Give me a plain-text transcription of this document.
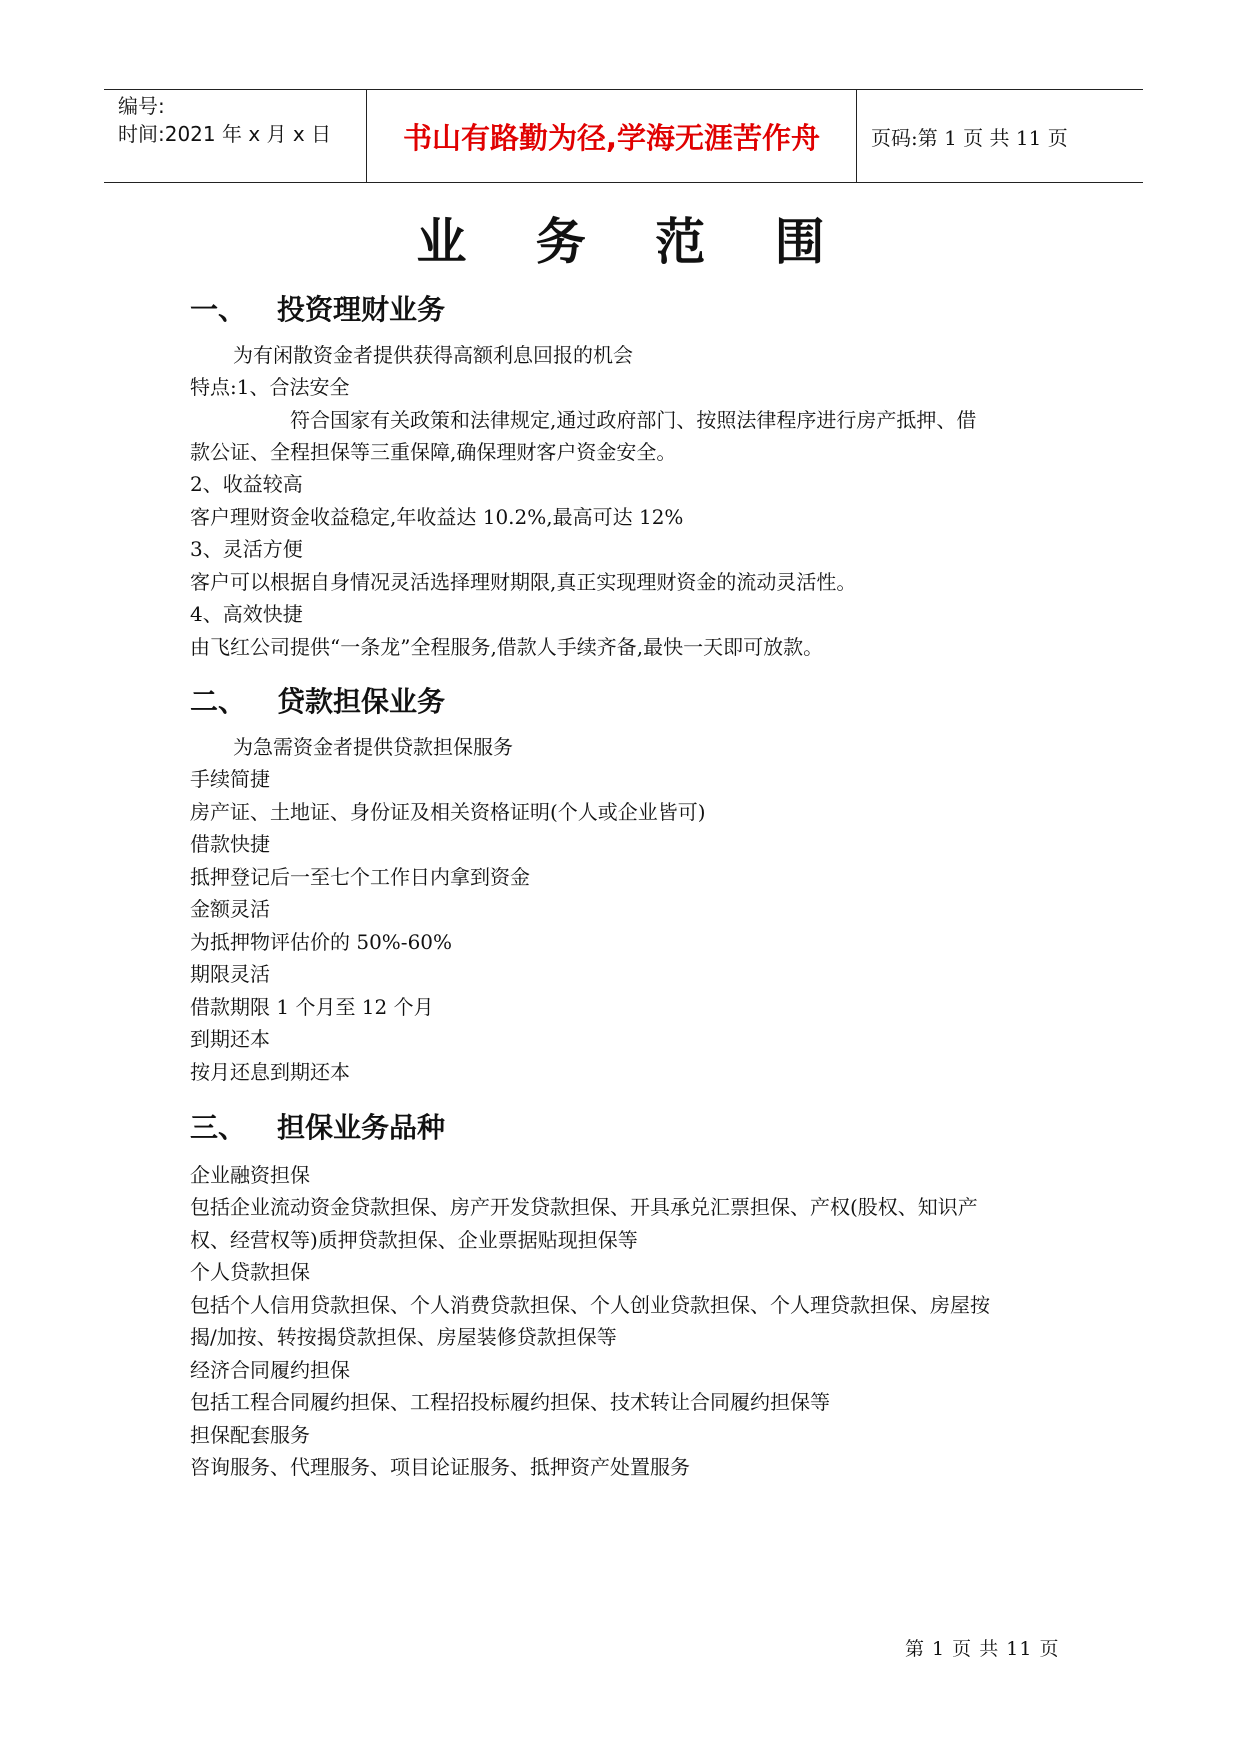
编号:
时间:2021 年 x 月 x 日	书山有路勤为径,学海无涯苦作舟	页码:第 1 页 共 11 页
业 务 范 围
一、	投资理财业务
为有闲散资金者提供获得高额利息回报的机会
特点:1、合法安全
符合国家有关政策和法律规定,通过政府部门、按照法律程序进行房产抵押、借
款公证、全程担保等三重保障,确保理财客户资金安全。
2、收益较高
客户理财资金收益稳定,年收益达 10.2%,最高可达 12%
3、灵活方便
客户可以根据自身情况灵活选择理财期限,真正实现理财资金的流动灵活性。
4、高效快捷
由飞红公司提供“一条龙”全程服务,借款人手续齐备,最快一天即可放款。
二、	贷款担保业务
为急需资金者提供贷款担保服务
手续简捷
房产证、土地证、身份证及相关资格证明(个人或企业皆可)
借款快捷
抵押登记后一至七个工作日内拿到资金
金额灵活
为抵押物评估价的 50%-60%
期限灵活
借款期限 1 个月至 12 个月
到期还本
按月还息到期还本
三、	担保业务品种
企业融资担保
包括企业流动资金贷款担保、房产开发贷款担保、开具承兑汇票担保、产权(股权、知识产
权、经营权等)质押贷款担保、企业票据贴现担保等
个人贷款担保
包括个人信用贷款担保、个人消费贷款担保、个人创业贷款担保、个人理贷款担保、房屋按
揭/加按、转按揭贷款担保、房屋装修贷款担保等
经济合同履约担保
包括工程合同履约担保、工程招投标履约担保、技术转让合同履约担保等
担保配套服务
咨询服务、代理服务、项目论证服务、抵押资产处置服务
第 1 页 共 11 页
